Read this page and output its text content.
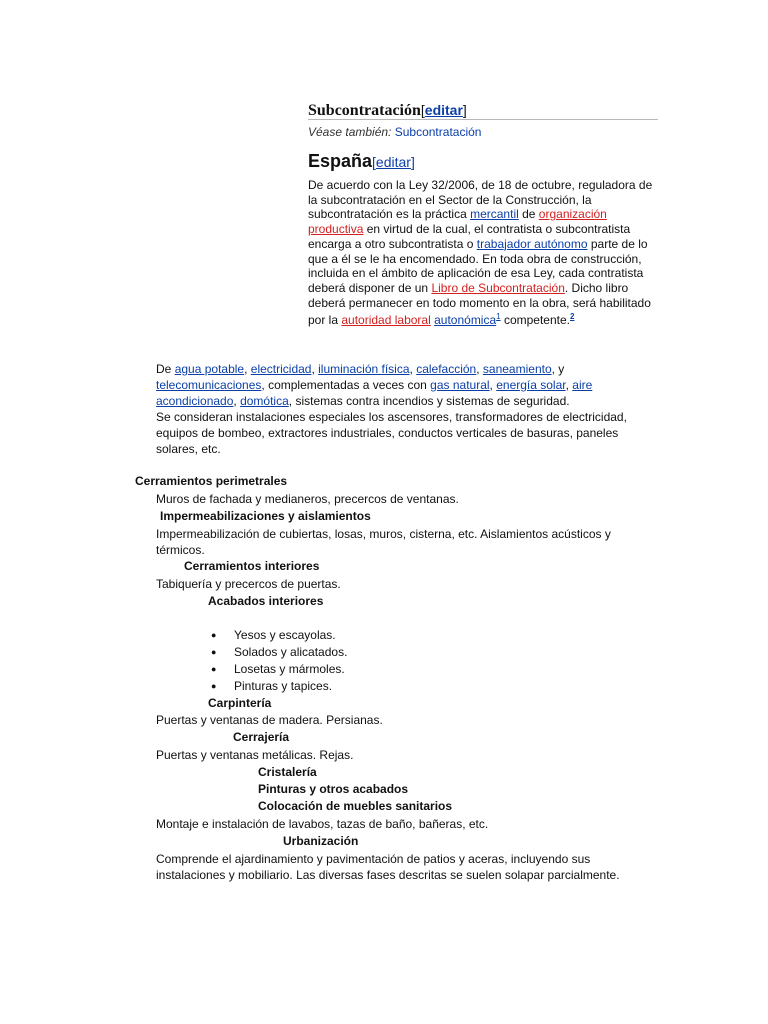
Subcontratación[editar]
Véase también: Subcontratación
España[editar]
De acuerdo con la Ley 32/2006, de 18 de octubre, reguladora de la subcontratación en el Sector de la Construcción, la subcontratación es la práctica mercantil de organización productiva en virtud de la cual, el contratista o subcontratista encarga a otro subcontratista o trabajador autónomo parte de lo que a él se le ha encomendado. En toda obra de construcción, incluida en el ámbito de aplicación de esa Ley, cada contratista deberá disponer de un Libro de Subcontratación. Dicho libro deberá permanecer en todo momento en la obra, será habilitado por la autoridad laboral autonómica$^1$ competente.$^2$
De agua potable, electricidad, iluminación física, calefacción, saneamiento, y telecomunicaciones, complementadas a veces con gas natural, energía solar, aire acondicionado, domótica, sistemas contra incendios y sistemas de seguridad.
Se consideran instalaciones especiales los ascensores, transformadores de electricidad, equipos de bombeo, extractores industriales, conductos verticales de basuras, paneles solares, etc.
Cerramientos perimetrales
Muros de fachada y medianeros, precercos de ventanas.
Impermeabilizaciones y aislamientos
Impermeabilización de cubiertas, losas, muros, cisterna, etc. Aislamientos acústicos y térmicos.
Cerramientos interiores
Tabiquería y precercos de puertas.
Acabados interiores
● Yesos y escayolas.
● Solados y alicatados.
● Losetas y mármoles.
● Pinturas y tapices.
Carpintería
Puertas y ventanas de madera. Persianas.
Cerrajería
Puertas y ventanas metálicas. Rejas.
Cristalería
Pinturas y otros acabados
Colocación de muebles sanitarios
Montaje e instalación de lavabos, tazas de baño, bañeras, etc.
Urbanización
Comprende el ajardinamiento y pavimentación de patios y aceras, incluyendo sus instalaciones y mobiliario. Las diversas fases descritas se suelen solapar parcialmente.
